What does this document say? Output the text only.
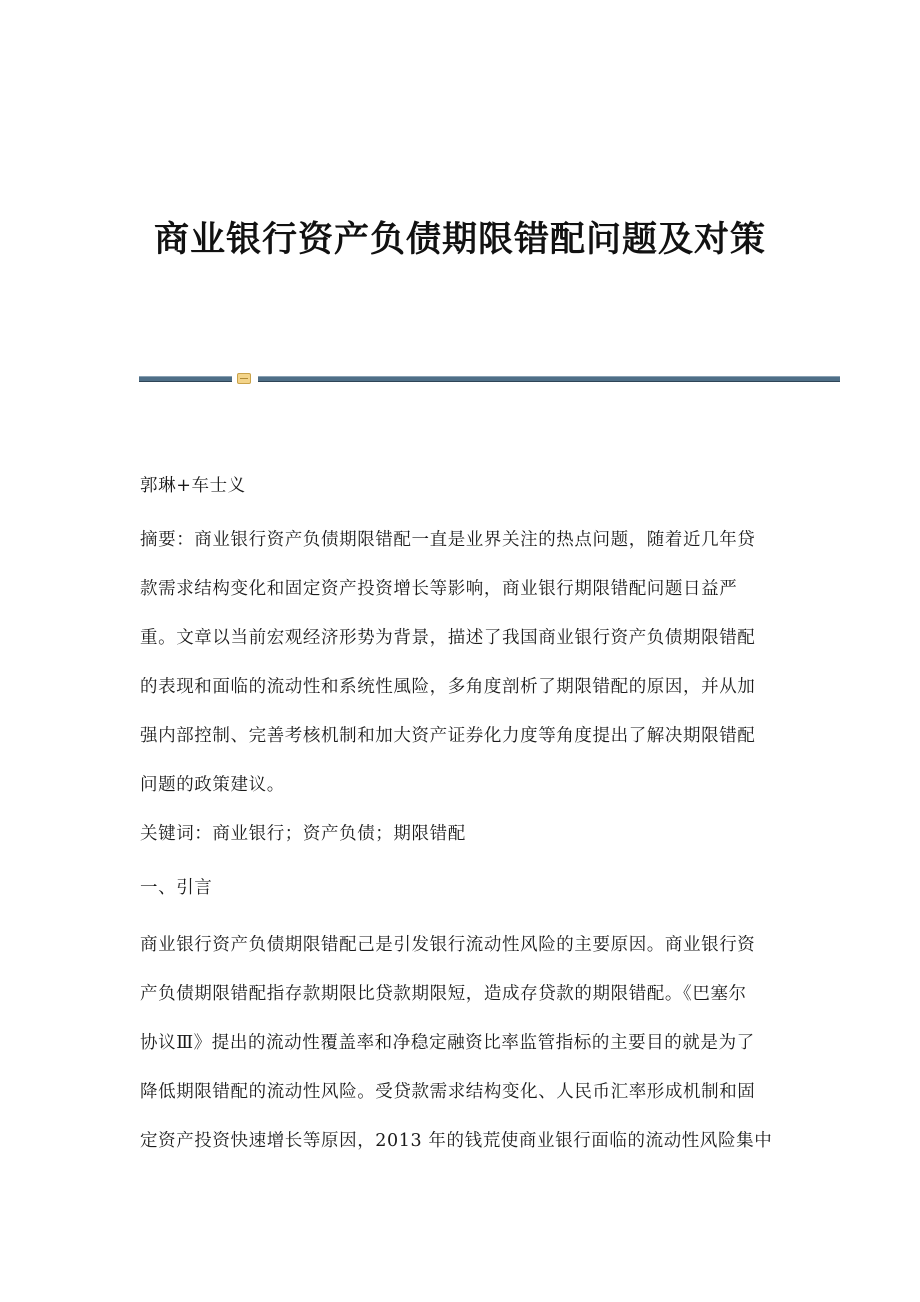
商业银行资产负债期限错配问题及对策

郭琳+车士义

摘要：商业银行资产负债期限错配一直是业界关注的热点问题，随着近几年贷
款需求结构变化和固定资产投资增长等影响，商业银行期限错配问题日益严
重。文章以当前宏观经济形势为背景，描述了我国商业银行资产负债期限错配
的表现和面临的流动性和系统性風险，多角度剖析了期限错配的原因，并从加
强内部控制、完善考核机制和加大资产证券化力度等角度提出了解决期限错配
问题的政策建议。

关键词：商业银行；资产负债；期限错配

一、引言

商业银行资产负债期限错配己是引发银行流动性风险的主要原因。商业银行资
产负债期限错配指存款期限比贷款期限短，造成存贷款的期限错配。《巴塞尔
协议Ⅲ》提出的流动性覆盖率和净稳定融资比率监管指标的主要目的就是为了
降低期限错配的流动性风险。受贷款需求结构变化、人民币汇率形成机制和固
定资产投资快速增长等原因，2013 年的钱荒使商业银行面临的流动性风险集中
